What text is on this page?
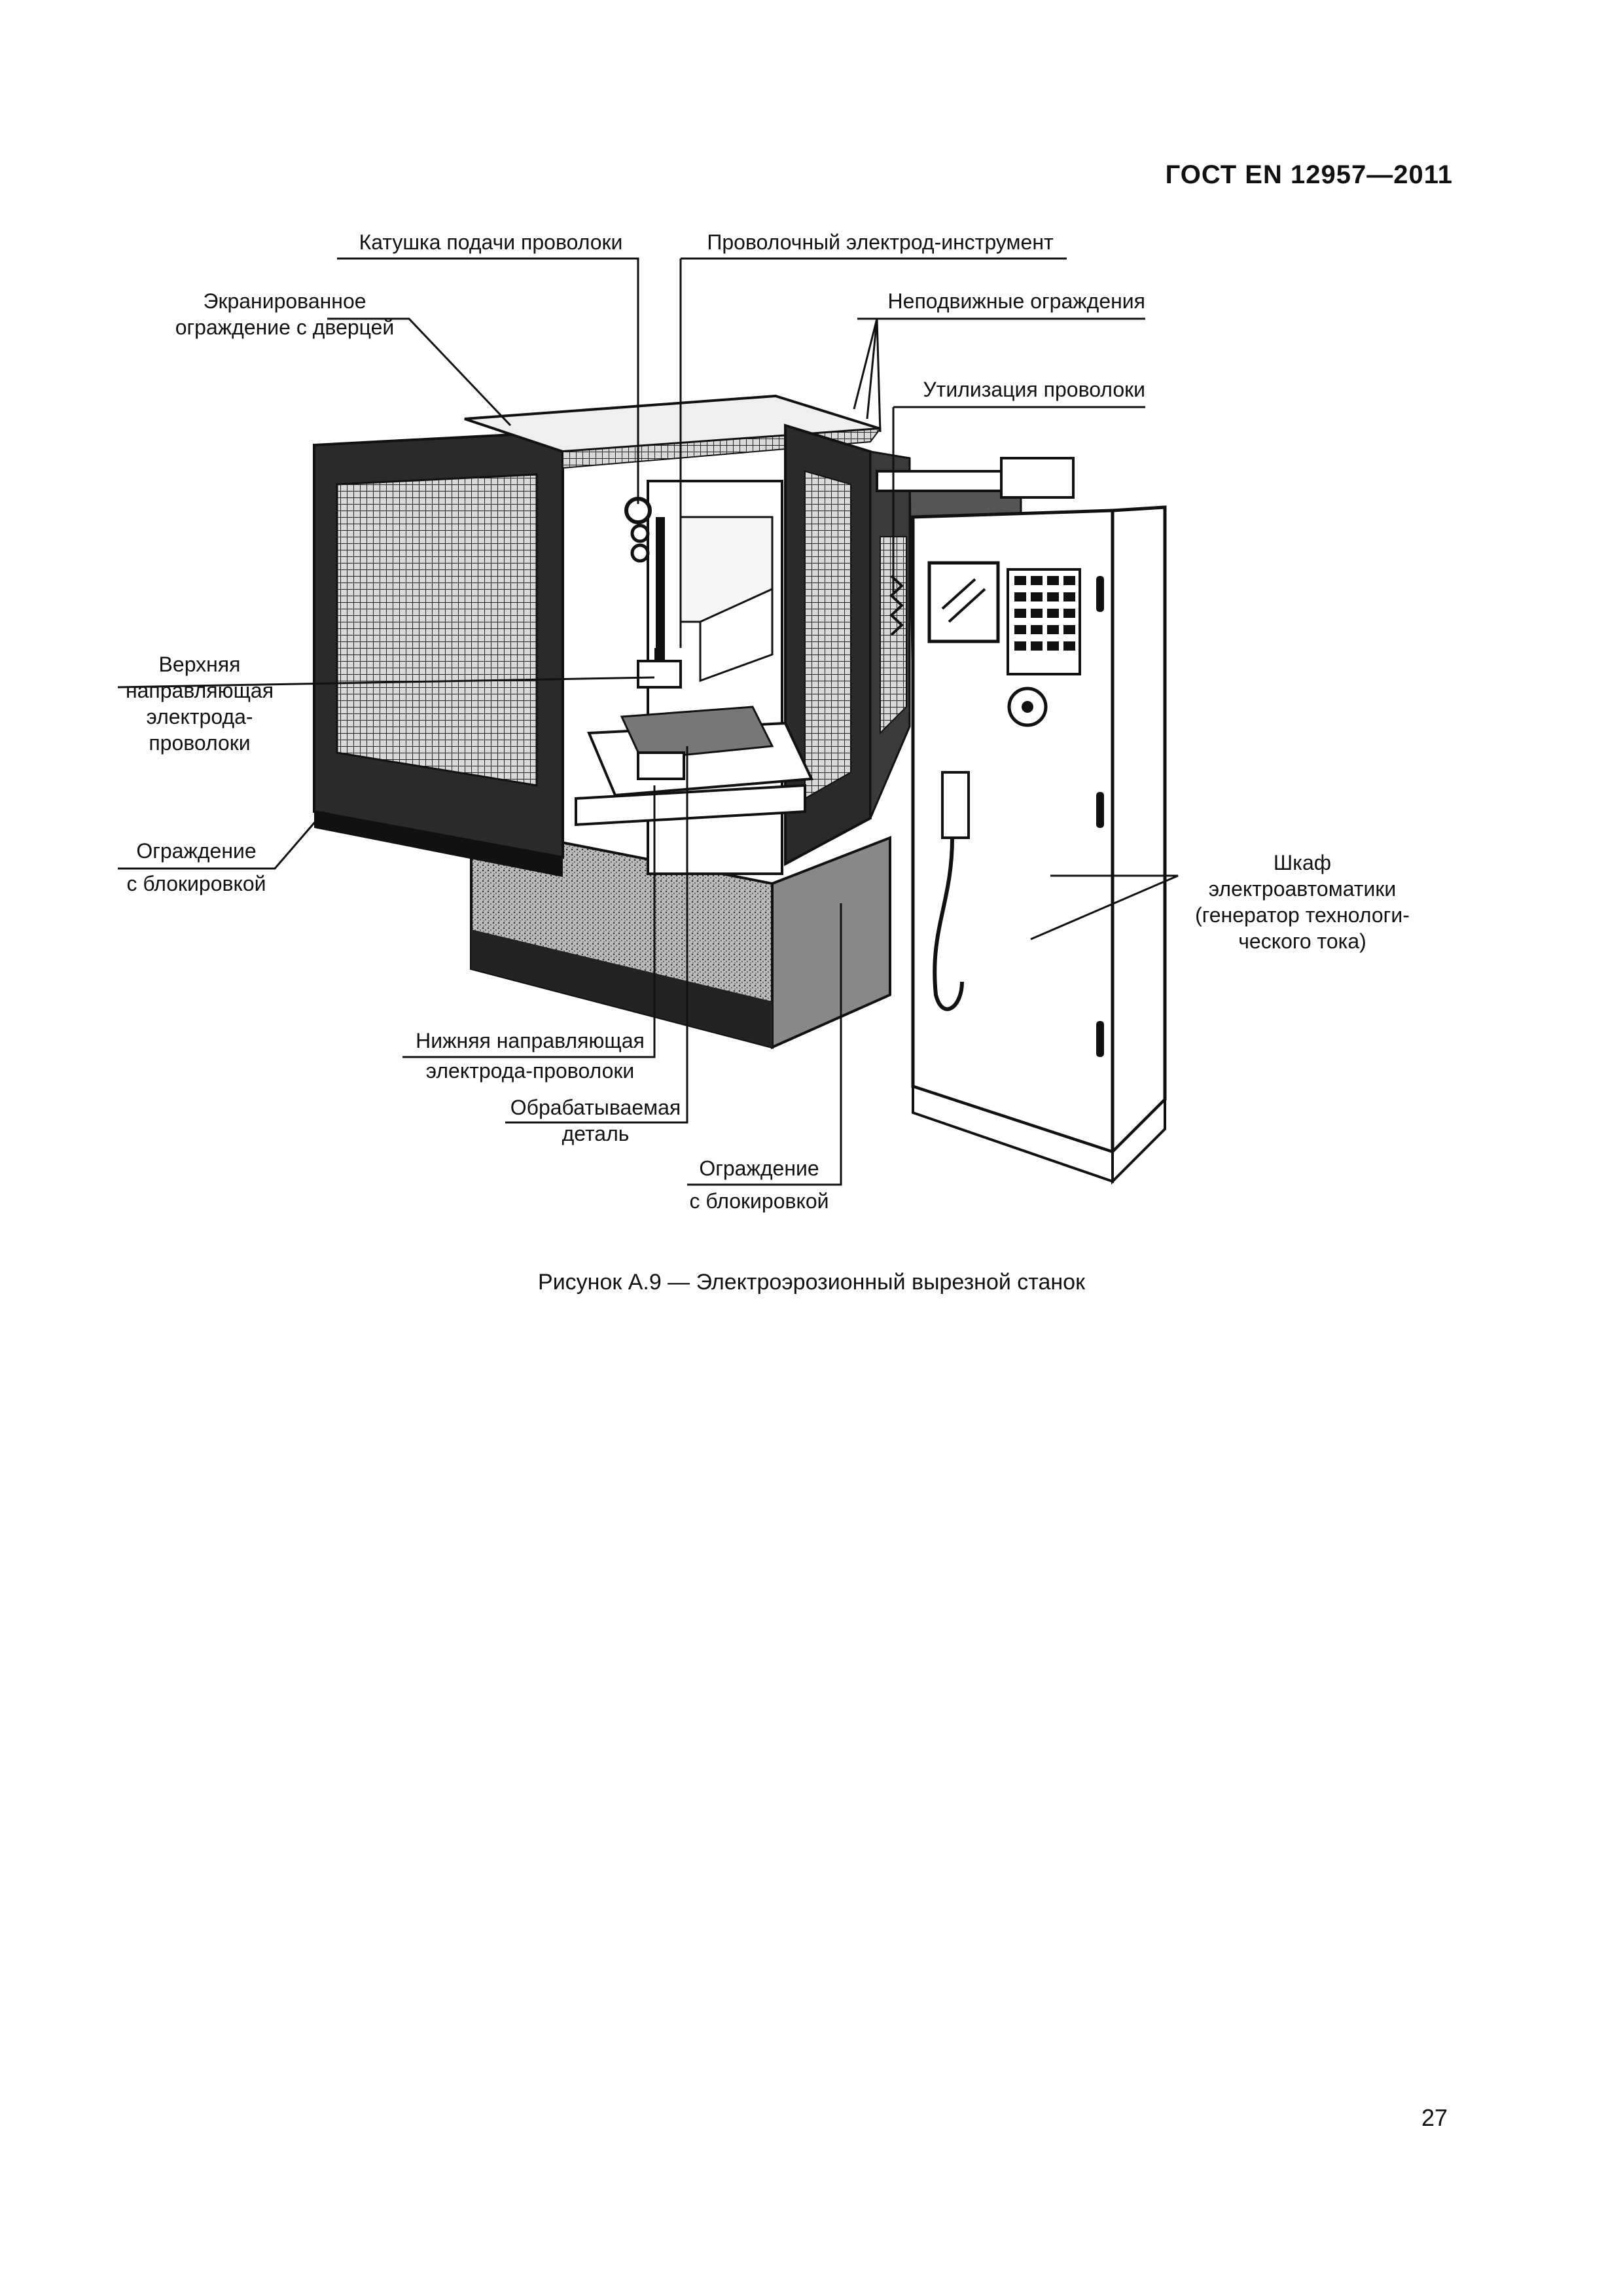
ГОСТ EN 12957—2011
Катушка подачи проволоки	Проволочный электрод-инструмент
Экранированное
ограждение с дверцей
Неподвижные ограждения
Утилизация проволоки
Верхняя
направляющая
электрода-
проволоки
Ограждение
с блокировкой
Шкаф
электроавтоматики
(генератор технологи-
ческого тока)
Нижняя направляющая
электрода-проволоки
Обрабатываемая
деталь
Ограждение
с блокировкой
Рисунок А.9 — Электроэрозионный вырезной станок
27
